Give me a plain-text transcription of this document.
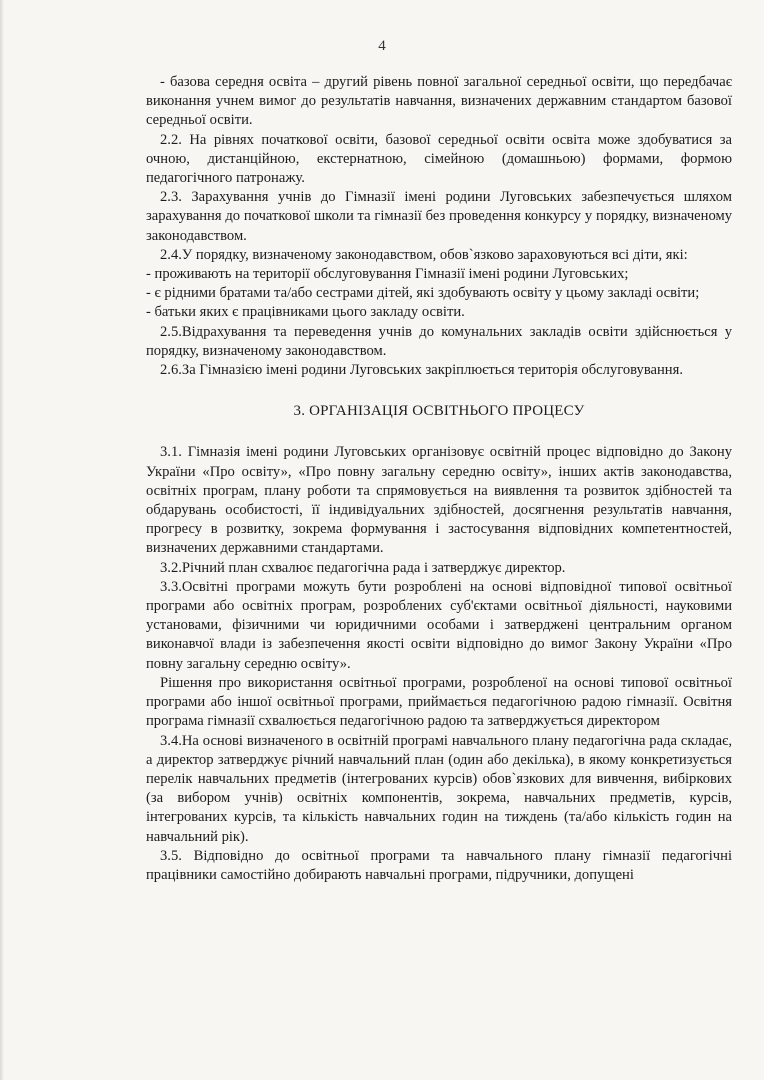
4

- базова середня освіта – другий рівень повної загальної середньої освіти, що передбачає виконання учнем вимог до результатів навчання, визначених державним стандартом базової середньої освіти.

2.2. На рівнях початкової освіти, базової середньої освіти освіта може здобуватися за очною, дистанційною, екстернатною, сімейною (домашньою) формами, формою педагогічного патронажу.

2.3. Зарахування учнів до Гімназії імені родини Луговських забезпечується шляхом зарахування до початкової школи та гімназії без проведення конкурсу у порядку, визначеному законодавством.

2.4.У порядку, визначеному законодавством, обов`язково зараховуються всі діти, які:

- проживають на території обслуговування Гімназії імені родини Луговських;

- є рідними братами та/або сестрами дітей, які здобувають освіту у цьому закладі освіти;

- батьки яких є працівниками цього закладу освіти.

2.5.Відрахування та переведення учнів до комунальних закладів освіти здійснюється у порядку, визначеному законодавством.

2.6.За Гімназією імені родини Луговських закріплюється територія обслуговування.

3. ОРГАНІЗАЦІЯ ОСВІТНЬОГО ПРОЦЕСУ

3.1. Гімназія імені родини Луговських організовує освітній процес відповідно до Закону України «Про освіту», «Про повну загальну середню освіту», інших актів законодавства, освітніх програм, плану роботи та спрямовується на виявлення та розвиток здібностей та обдарувань особистості, її індивідуальних здібностей, досягнення результатів навчання, прогресу в розвитку, зокрема формування і застосування відповідних компетентностей, визначених державними стандартами.

3.2.Річний план схвалює педагогічна рада і затверджує директор.

3.3.Освітні програми можуть бути розроблені на основі відповідної типової освітньої програми або освітніх програм, розроблених суб'єктами освітньої діяльності, науковими установами, фізичними чи юридичними особами і затверджені центральним органом виконавчої влади із забезпечення якості освіти відповідно до вимог Закону України «Про повну загальну середню освіту».

Рішення про використання освітньої програми, розробленої на основі типової освітньої програми або іншої освітньої програми, приймається педагогічною радою гімназії. Освітня програма гімназії схвалюється педагогічною радою та затверджується директором

3.4.На основі визначеного в освітній програмі навчального плану педагогічна рада складає, а директор затверджує річний навчальний план (один або декілька), в якому конкретизується перелік навчальних предметів (інтегрованих курсів) обов`язкових для вивчення, вибіркових (за вибором учнів) освітніх компонентів, зокрема, навчальних предметів, курсів, інтегрованих курсів, та кількість навчальних годин на тиждень (та/або кількість годин на навчальний рік).

3.5. Відповідно до освітньої програми та навчального плану гімназії педагогічні працівники самостійно добирають навчальні програми, підручники, допущені
